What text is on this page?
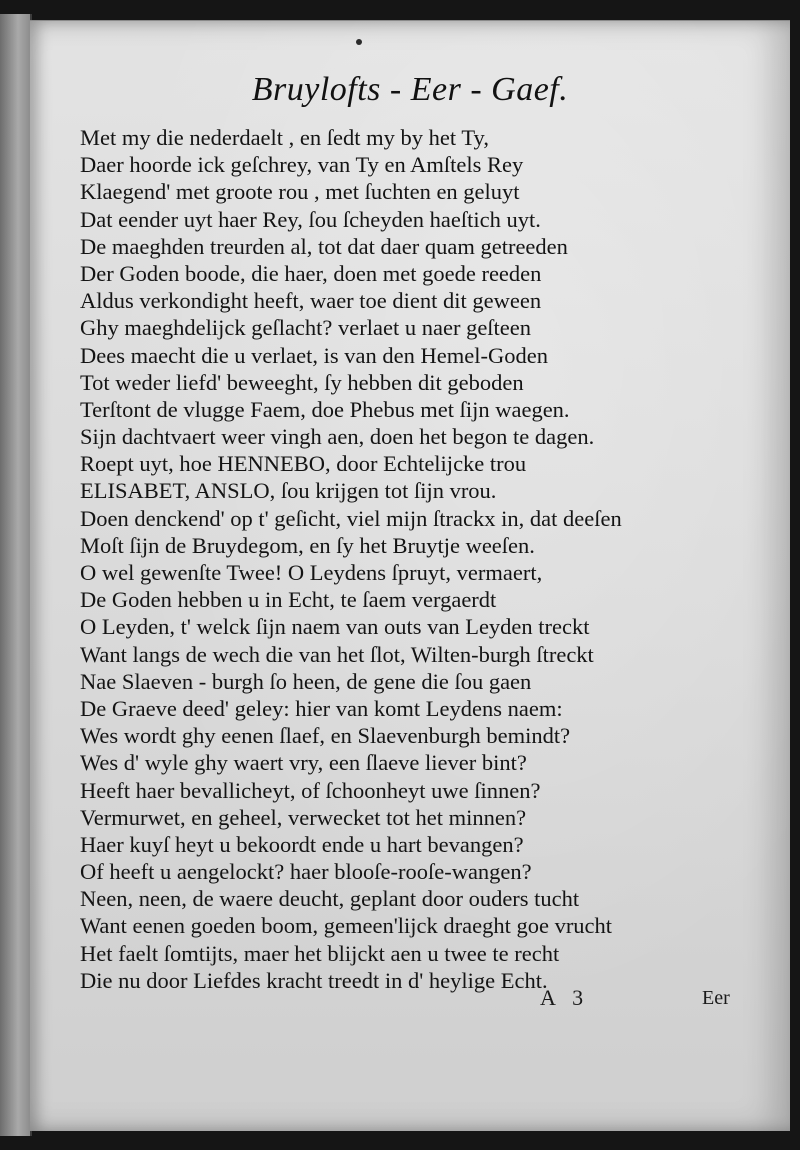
Bruylofts - Eer - Gaef.
Met my die nederdaelt , en ſedt my by het Ty,
Daer hoorde ick geſchrey, van Ty en Amſtels Rey
Klaegend' met groote rou , met ſuchten en geluyt
Dat eender uyt haer Rey, ſou ſcheyden haeſtich uyt.
De maeghden treurden al, tot dat daer quam getreeden
Der Goden boode, die haer, doen met goede reeden
Aldus verkondight heeft, waer toe dient dit geween
Ghy maeghdelijck geſlacht? verlaet u naer geſteen
Dees maecht die u verlaet, is van den Hemel-Goden
Tot weder liefd' beweeght, ſy hebben dit geboden
Terſtont de vlugge Faem, doe Phebus met ſijn waegen.
Sijn dachtvaert weer vingh aen, doen het begon te dagen.
Roept uyt, hoe HENNEBO, door Echtelijcke trou
ELISABET, ANSLO, ſou krijgen tot ſijn vrou.
Doen denckend' op t' geſicht, viel mijn ſtrackx in, dat deeſen
Moſt ſijn de Bruydegom, en ſy het Bruytje weeſen.
O wel gewenſte Twee! O Leydens ſpruyt, vermaert,
De Goden hebben u in Echt, te ſaem vergaerdt
O Leyden, t' welck ſijn naem van outs van Leyden treckt
Want langs de wech die van het ſlot, Wilten-burgh ſtreckt
Nae Slaeven - burgh ſo heen, de gene die ſou gaen
De Graeve deed' geley: hier van komt Leydens naem:
Wes wordt ghy eenen ſlaef, en Slaevenburgh bemindt?
Wes d' wyle ghy waert vry, een ſlaeve liever bint?
Heeft haer bevallicheyt, of ſchoonheyt uwe ſinnen?
Vermurwet, en geheel, verwecket tot het minnen?
Haer kuyſ heyt u bekoordt ende u hart bevangen?
Of heeft u aengelockt? haer blooſe-rooſe-wangen?
Neen, neen, de waere deucht, geplant door ouders tucht
Want eenen goeden boom, gemeen'lijck draeght goe vrucht
Het faelt ſomtijts, maer het blijckt aen u twee te recht
Die nu door Liefdes kracht treedt in d' heylige Echt.
A 3	Eer
